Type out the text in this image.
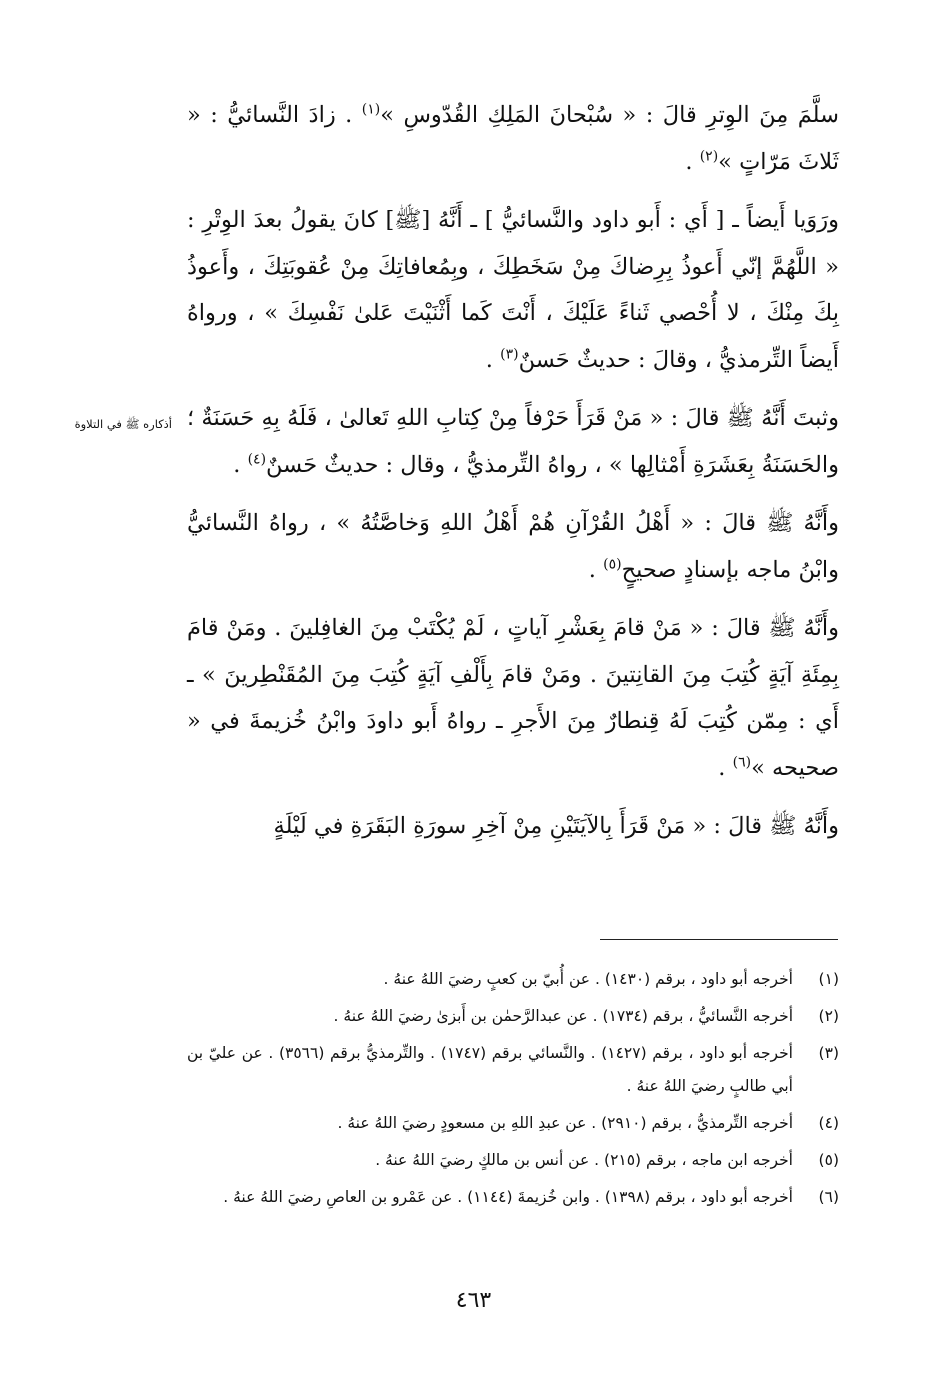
سلَّمَ مِنَ الوِترِ قالَ : « سُبْحانَ المَلِكِ القُدّوسِ »$^{(١)}$ . زادَ النَّسائيُّ : « ثَلاثَ مَرّاتٍ »$^{(٢)}$ .

ورَوَيا أَيضاً ـ [ أَي : أَبو داود والنَّسائيُّ ] ـ أَنَّهُ [ﷺ] كانَ يقولُ بعدَ الوِتْرِ : « اللَّهُمَّ إنّي أَعوذُ بِرِضاكَ مِنْ سَخَطِكَ ، وبِمُعافاتِكَ مِنْ عُقوبَتِكَ ، وأَعوذُ بِكَ مِنْكَ ، لا أُحْصي ثَناءً عَلَيْكَ ، أَنْتَ كَما أَثْنَيْتَ عَلىٰ نَفْسِكَ » ، ورواهُ أَيضاً التِّرمذيُّ ، وقالَ : حديثٌ حَسنٌ$^{(٣)}$ .

وثبتَ أَنَّهُ ﷺ قالَ : « مَنْ قَرَأَ حَرْفاً مِنْ كِتابِ اللهِ تَعالىٰ ، فَلَهُ بِهِ حَسَنَةٌ ؛ والحَسَنَةُ بِعَشَرَةِ أَمْثالِها » ، رواهُ التِّرمذيُّ ، وقال : حديثٌ حَسنٌ$^{(٤)}$ .

وأَنَّهُ ﷺ قالَ : « أَهْلُ القُرْآنِ هُمْ أَهْلُ اللهِ وَخاصَّتُهُ » ، رواهُ النَّسائيُّ وابْنُ ماجه بإسنادٍ صحيحٍ$^{(٥)}$ .

وأَنَّهُ ﷺ قالَ : « مَنْ قامَ بِعَشْرِ آياتٍ ، لَمْ يُكْتَبْ مِنَ الغافِلينَ . ومَنْ قامَ بِمِئَةِ آيَةٍ كُتِبَ مِنَ القانِتينَ . ومَنْ قامَ بِأَلْفِ آيَةٍ كُتِبَ مِنَ المُقَنْطِرينَ » ـ أَي : مِمّن كُتِبَ لَهُ قِنطارٌ مِنَ الأَجرِ ـ رواهُ أَبو داودَ وابْنُ خُزيمةَ في « صحيحه »$^{(٦)}$ .

وأَنَّهُ ﷺ قالَ : « مَنْ قَرَأَ بِالآيَتَيْنِ مِنْ آخِرِ سورَةِ البَقَرَةِ في لَيْلَةٍ

أذكاره ﷺ في التلاوة
(١)
أخرجه أبو داود ، برقم (١٤٣٠) . عن أُبيّ بن كعبٍ رضيَ اللهُ عنهُ .
(٢)
أخرجه النَّسائيُّ ، برقم (١٧٣٤) . عن عبدالرَّحمٰن بن أَبزىٰ رضيَ اللهُ عنهُ .
(٣)
أخرجه أبو داود ، برقم (١٤٢٧) . والنَّسائي برقم (١٧٤٧) . والتِّرمذيُّ برقم (٣٥٦٦) . عن عليّ بن أبي طالبٍ رضيَ اللهُ عنهُ .
(٤)
أخرجه التِّرمذيُّ ، برقم (٢٩١٠) . عن عبدِ اللهِ بن مسعودٍ رضيَ اللهُ عنهُ .
(٥)
أخرجه ابن ماجه ، برقم (٢١٥) . عن أنس بن مالكٍ رضيَ اللهُ عنهُ .
(٦)
أخرجه أبو داود ، برقم (١٣٩٨) . وابن خُزيمةَ (١١٤٤) . عن عَمْرو بن العاصِ رضيَ اللهُ عنهُ .
٤٦٣
